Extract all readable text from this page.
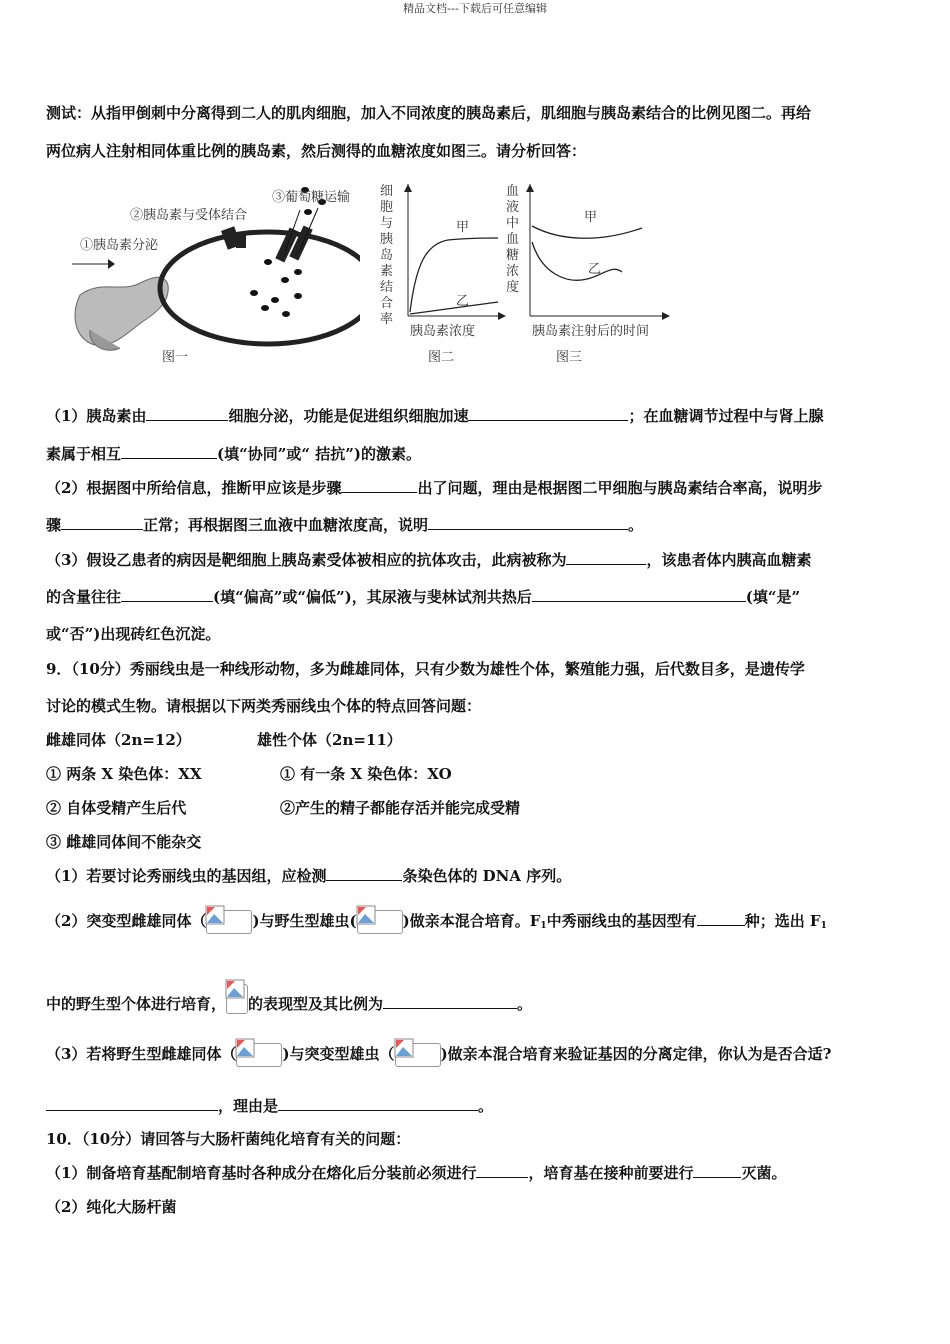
精品文档---下载后可任意编辑
测试：从指甲倒刺中分离得到二人的肌肉细胞，加入不同浓度的胰岛素后，肌细胞与胰岛素结合的比例见图二。再给
两位病人注射相同体重比例的胰岛素，然后测得的血糖浓度如图三。请分析回答：
①胰岛素分泌
②胰岛素与受体结合
③葡萄糖运输
图一
细胞与胰岛素结合率
甲
乙
胰岛素浓度
图二
血液中血糖浓度
甲
乙
胰岛素注射后的时间
图三
（1）胰岛素由	细胞分泌，功能是促进组织细胞加速	；在血糖调节过程中与肾上腺
素属于相互	(填“协同”或“ 拮抗”)的激素。
（2）根据图中所给信息，推断甲应该是步骤	出了问题，理由是根据图二甲细胞与胰岛素结合率高，说明步
骤	正常；再根据图三血液中血糖浓度高，说明	。
（3）假设乙患者的病因是靶细胞上胰岛素受体被相应的抗体攻击，此病被称为	，该患者体内胰高血糖素
的含量往往	(填“偏高”或“偏低”)，其尿液与斐林试剂共热后	(填“是”
或“否”)出现砖红色沉淀。
9．（10分）秀丽线虫是一种线形动物，多为雌雄同体，只有少数为雄性个体，繁殖能力强，后代数目多，是遗传学
讨论的模式生物。请根据以下两类秀丽线虫个体的特点回答问题：
雌雄同体（2n=12）	雄性个体（2n=11）
① 两条 X 染色体：XX	① 有一条 X 染色体：XO
② 自体受精产生后代	②产生的精子都能存活并能完成受精
③ 雌雄同体间不能杂交
（1）若要讨论秀丽线虫的基因组，应检测	条染色体的 DNA 序列。
（2）突变型雌雄同体（	)与野生型雄虫(	)做亲本混合培育。$F_1$中秀丽线虫的基因型有	种；选出 $F_1$
中的野生型个体进行培育， 的表现型及其比例为	。
（3）若将野生型雌雄同体（	)与突变型雄虫（	)做亲本混合培育来验证基因的分离定律，你认为是否合适?
，理由是	。
10．（10分）请回答与大肠杆菌纯化培育有关的问题：
（1）制备培育基配制培育基时各种成分在熔化后分装前必须进行	，培育基在接种前要进行	灭菌。
（2）纯化大肠杆菌
